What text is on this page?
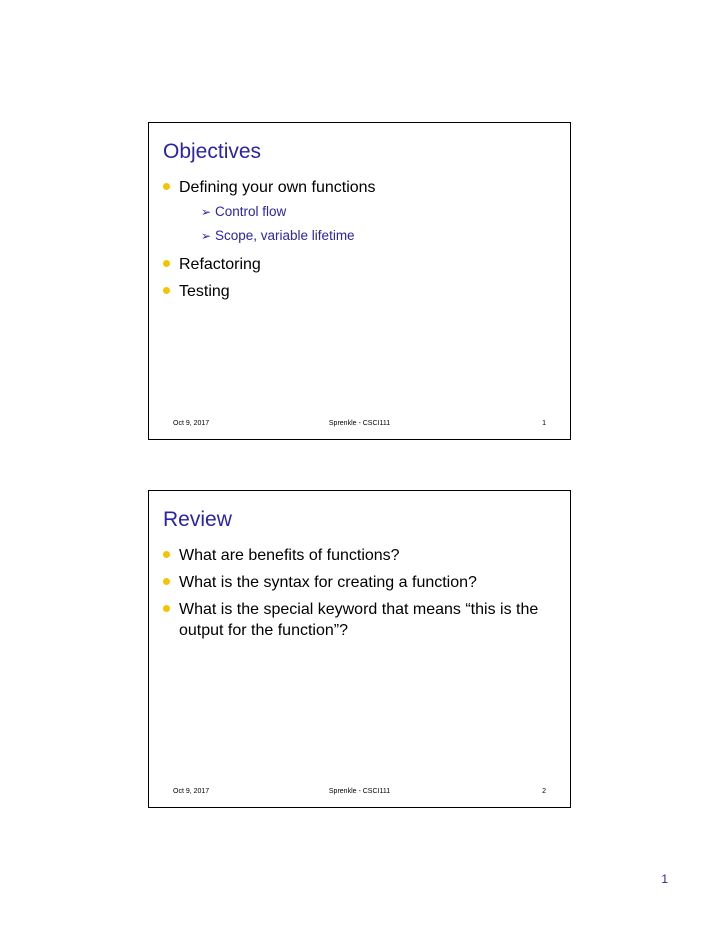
Objectives
Defining your own functions
➢ Control flow
➢ Scope, variable lifetime
Refactoring
Testing
Oct 9, 2017	Sprenkle - CSCI111	1
Review
What are benefits of functions?
What is the syntax for creating a function?
What is the special keyword that means “this is the output for the function”?
Oct 9, 2017	Sprenkle - CSCI111	2
1
